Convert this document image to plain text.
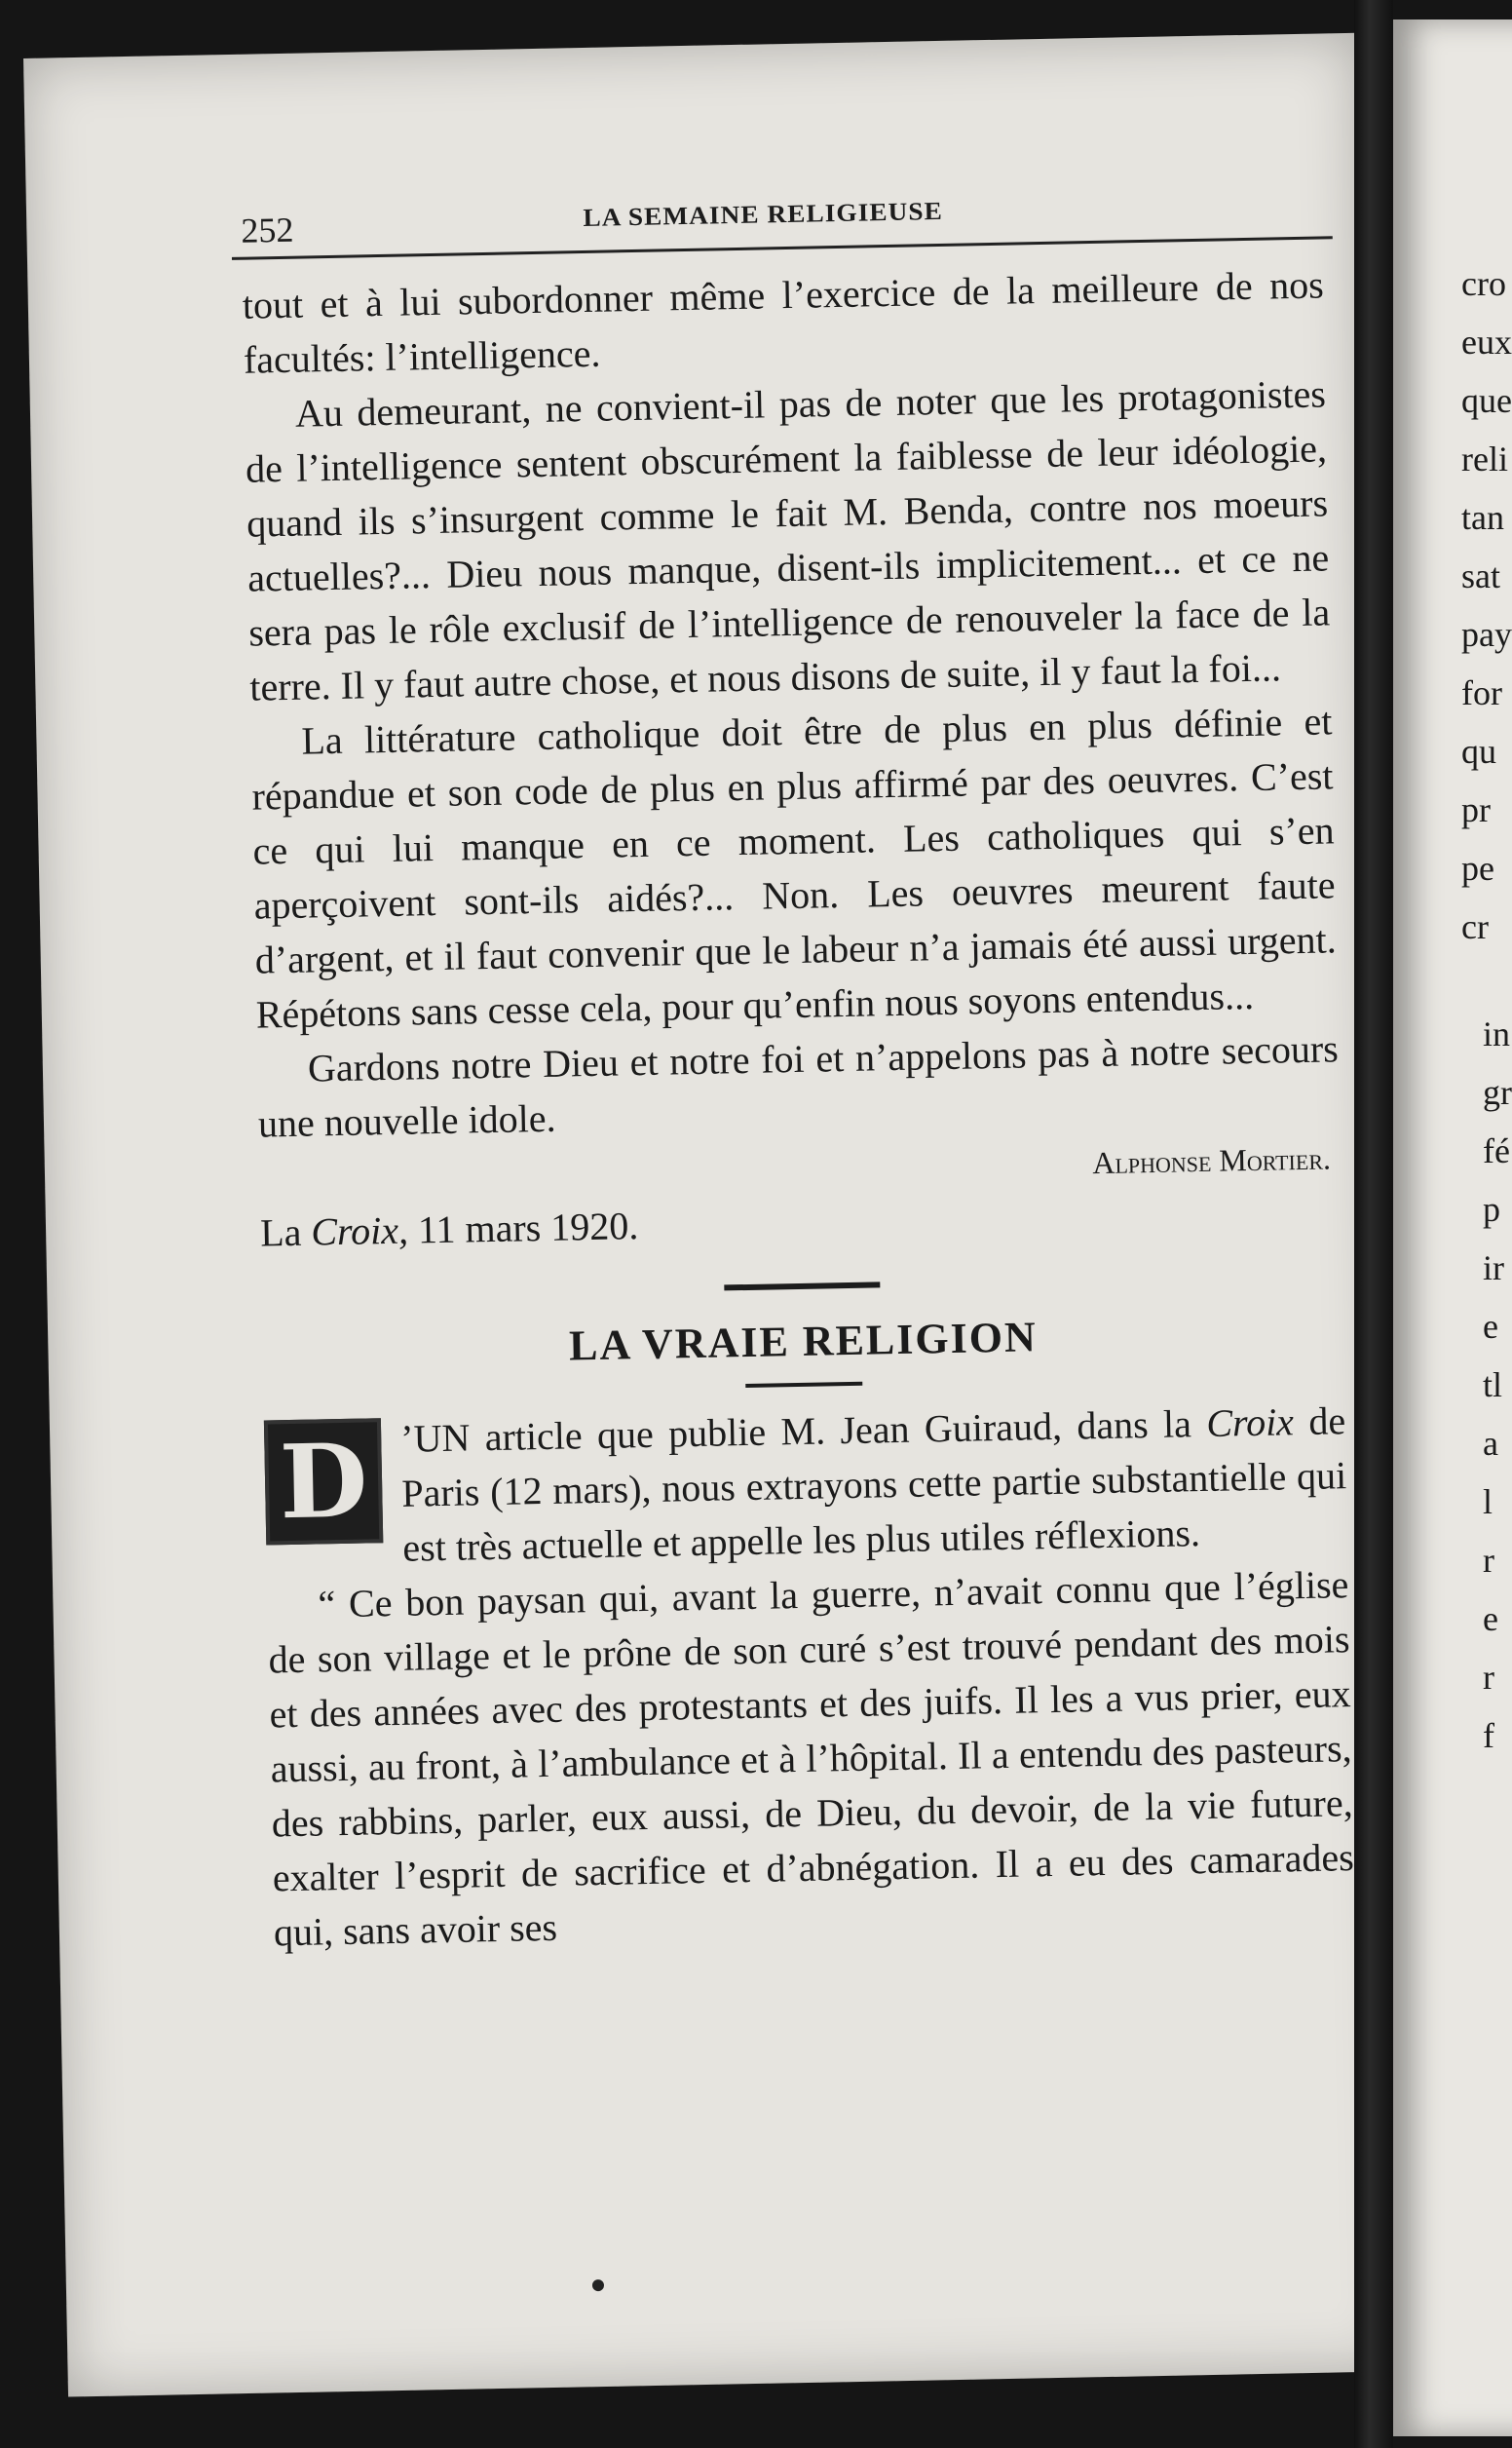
252	LA SEMAINE RELIGIEUSE

tout et à lui subordonner même l’exercice de la meilleure de nos facultés: l’intelligence.

Au demeurant, ne convient-il pas de noter que les protagonistes de l’intelligence sentent obscurément la faiblesse de leur idéologie, quand ils s’insurgent comme le fait M. Benda, contre nos moeurs actuelles?... Dieu nous manque, disent-ils implicitement... et ce ne sera pas le rôle exclusif de l’intelligence de renouveler la face de la terre. Il y faut autre chose, et nous disons de suite, il y faut la foi...

La littérature catholique doit être de plus en plus définie et répandue et son code de plus en plus affirmé par des oeuvres. C’est ce qui lui manque en ce moment. Les catholiques qui s’en aperçoivent sont-ils aidés?... Non. Les oeuvres meurent faute d’argent, et il faut convenir que le labeur n’a jamais été aussi urgent. Répétons sans cesse cela, pour qu’enfin nous soyons entendus...

Gardons notre Dieu et notre foi et n’appelons pas à notre secours une nouvelle idole.

Alphonse Mortier.

La Croix, 11 mars 1920.

LA VRAIE RELIGION

D ’UN article que publie M. Jean Guiraud, dans la Croix de Paris (12 mars), nous extrayons cette partie substantielle qui est très actuelle et appelle les plus utiles réflexions.

“ Ce bon paysan qui, avant la guerre, n’avait connu que l’église de son village et le prône de son curé s’est trouvé pendant des mois et des années avec des protestants et des juifs. Il les a vus prier, eux aussi, au front, à l’ambulance et à l’hôpital. Il a entendu des pasteurs, des rabbins, parler, eux aussi, de Dieu, du devoir, de la vie future, exalter l’esprit de sacrifice et d’abnégation. Il a eu des camarades qui, sans avoir ses

cro
eux
que
reli
tan
sat
pay
for
qu
pr
pe
cr
in
gr
fé
p
ir
e
tl
a
l
r
e
r
f
